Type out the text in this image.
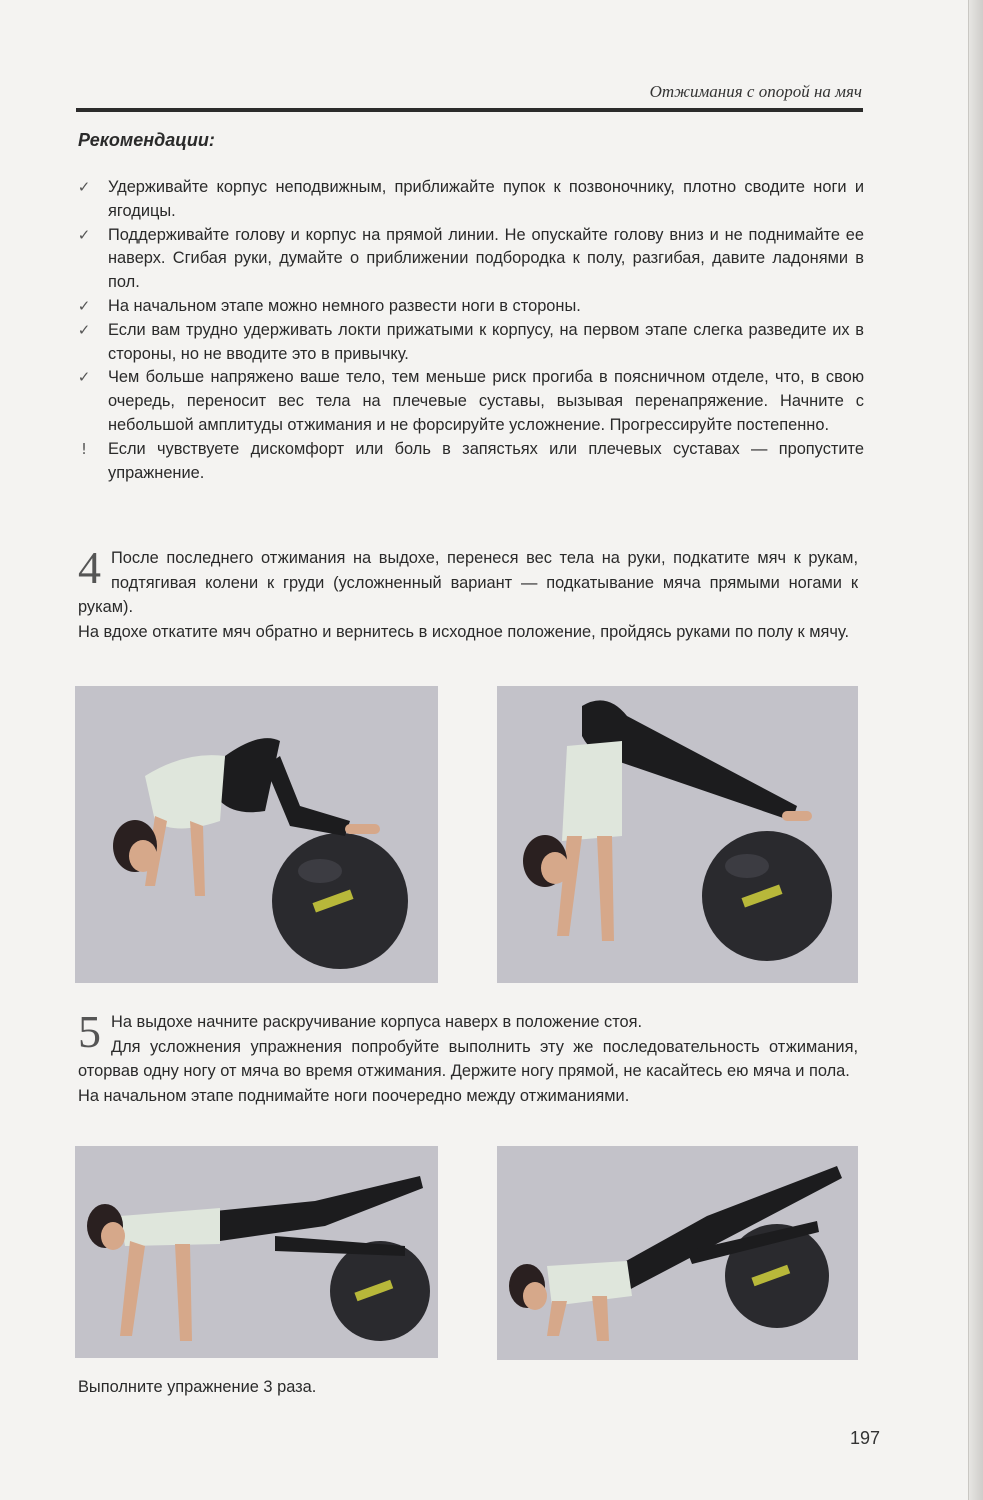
Отжимания с опорой на мяч
Рекомендации:
✓ Удерживайте корпус неподвижным, приближайте пупок к позвоночнику, плотно сводите ноги и ягодицы.
✓ Поддерживайте голову и корпус на прямой линии. Не опускайте голову вниз и не поднимайте ее наверх. Сгибая руки, думайте о приближении подбородка к полу, разгибая, давите ладонями в пол.
✓ На начальном этапе можно немного развести ноги в стороны.
✓ Если вам трудно удерживать локти прижатыми к корпусу, на первом этапе слегка разведите их в стороны, но не вводите это в привычку.
✓ Чем больше напряжено ваше тело, тем меньше риск прогиба в поясничном отделе, что, в свою очередь, переносит вес тела на плечевые суставы, вызывая перенапряжение. Начните с небольшой амплитуды отжимания и не форсируйте усложнение. Прогрессируйте постепенно.
!	Если чувствуете дискомфорт или боль в запястьях или плечевых суставах — пропустите упражнение.
4 После последнего отжимания на выдохе, перенеся вес тела на руки, подкатите мяч к рукам, подтягивая колени к груди (усложненный вариант — подкатывание мяча прямыми ногами к рукам).

На вдохе откатите мяч обратно и вернитесь в исходное положение, пройдясь руками по полу к мячу.

5 На выдохе начните раскручивание корпуса наверх в положение стоя.

Для усложнения упражнения попробуйте выполнить эту же последовательность отжимания, оторвав одну ногу от мяча во время отжимания. Держите ногу прямой, не касайтесь ею мяча и пола.

На начальном этапе поднимайте ноги поочередно между отжиманиями.

Выполните упражнение 3 раза.
197
